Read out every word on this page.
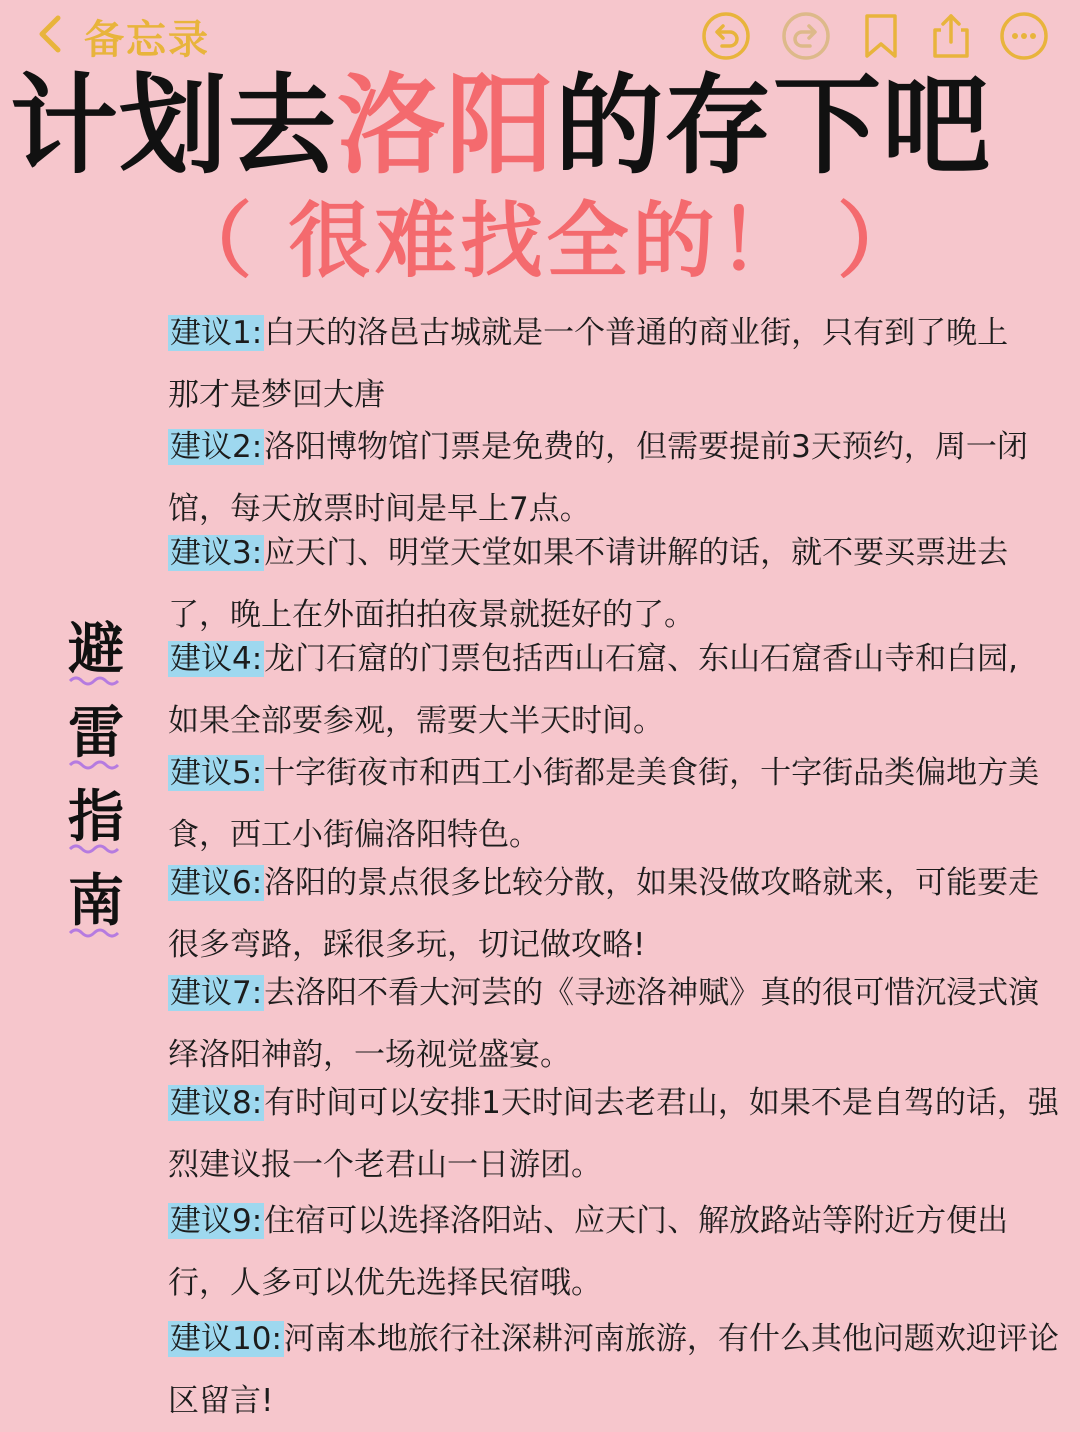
备忘录
计划去洛阳的存下吧
（ 很难找全的！ ）
避
雷
指
南

建议1:白天的洛邑古城就是一个普通的商业街，只有到了晚上

那才是梦回大唐

建议2:洛阳博物馆门票是免费的，但需要提前3天预约，周一闭

馆，每天放票时间是早上7点。

建议3:应天门、明堂天堂如果不请讲解的话，就不要买票进去

了，晚上在外面拍拍夜景就挺好的了。

建议4:龙门石窟的门票包括西山石窟、东山石窟香山寺和白园,

如果全部要参观，需要大半天时间。

建议5:十字街夜市和西工小街都是美食街，十字街品类偏地方美

食，西工小街偏洛阳特色。

建议6:洛阳的景点很多比较分散，如果没做攻略就来，可能要走

很多弯路，踩很多玩，切记做攻略!

建议7:去洛阳不看大河芸的《寻迹洛神赋》真的很可惜沉浸式演

绎洛阳神韵，一场视觉盛宴。

建议8:有时间可以安排1天时间去老君山，如果不是自驾的话，强

烈建议报一个老君山一日游团。

建议9:住宿可以选择洛阳站、应天门、解放路站等附近方便出

行，人多可以优先选择民宿哦。

建议10:河南本地旅行社深耕河南旅游，有什么其他问题欢迎评论

区留言!
